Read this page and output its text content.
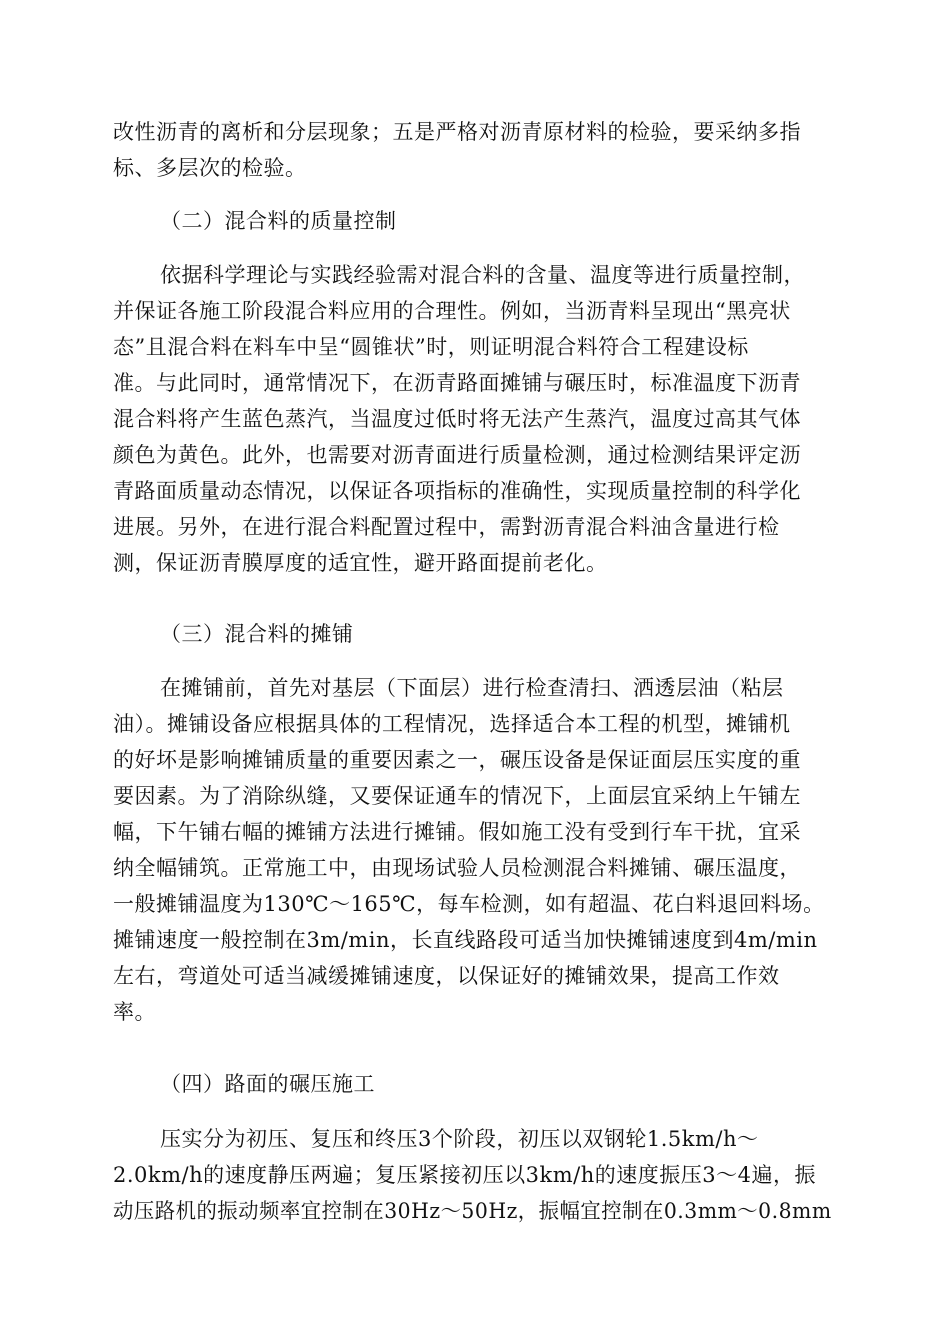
改性沥青的离析和分层现象；五是严格对沥青原材料的检验，要采纳多指
标、多层次的检验。
（二）混合料的质量控制
依据科学理论与实践经验需对混合料的含量、温度等进行质量控制，
并保证各施工阶段混合料应用的合理性。例如，当沥青料呈现出“黑亮状
态”且混合料在料车中呈“圆锥状”时，则证明混合料符合工程建设标
准。与此同时，通常情况下，在沥青路面摊铺与碾压时，标准温度下沥青
混合料将产生蓝色蒸汽，当温度过低时将无法产生蒸汽，温度过高其气体
颜色为黄色。此外，也需要对沥青面进行质量检测，通过检测结果评定沥
青路面质量动态情况，以保证各项指标的准确性，实现质量控制的科学化
进展。另外，在进行混合料配置过程中，需對沥青混合料油含量进行检
测，保证沥青膜厚度的适宜性，避开路面提前老化。
（三）混合料的摊铺
在摊铺前，首先对基层（下面层）进行检查清扫、洒透层油（粘层
油）。摊铺设备应根据具体的工程情况，选择适合本工程的机型，摊铺机
的好坏是影响摊铺质量的重要因素之一，碾压设备是保证面层压实度的重
要因素。为了消除纵缝，又要保证通车的情况下，上面层宜采纳上午铺左
幅，下午铺右幅的摊铺方法进行摊铺。假如施工没有受到行车干扰，宜采
纳全幅铺筑。正常施工中，由现场试验人员检测混合料摊铺、碾压温度，
一般摊铺温度为130℃～165℃，每车检测，如有超温、花白料退回料场。
摊铺速度一般控制在3m/min，长直线路段可适当加快摊铺速度到4m/min
左右，弯道处可适当减缓摊铺速度，以保证好的摊铺效果，提高工作效
率。
（四）路面的碾压施工
压实分为初压、复压和终压3个阶段，初压以双钢轮1.5km/h～
2.0km/h的速度静压两遍；复压紧接初压以3km/h的速度振压3～4遍，振
动压路机的振动频率宜控制在30Hz～50Hz，振幅宜控制在0.3mm～0.8mm
